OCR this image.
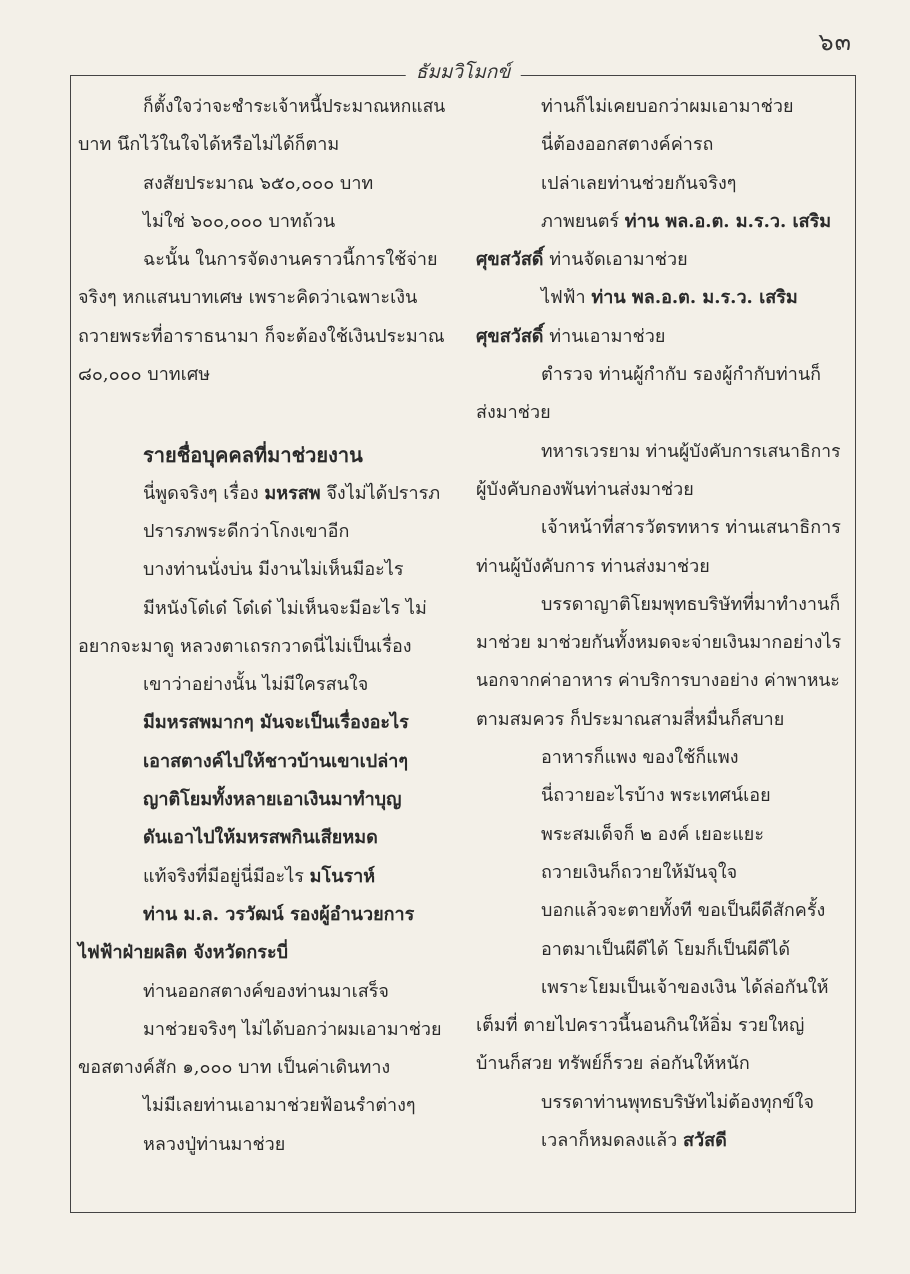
๖๓
ธัมมวิโมกข์
ก็ตั้งใจว่าจะชำระเจ้าหนี้ประมาณหกแสน
บาท นึกไว้ในใจได้หรือไม่ได้ก็ตาม
สงสัยประมาณ ๖๕๐,๐๐๐ บาท
ไม่ใช่ ๖๐๐,๐๐๐ บาทถ้วน
ฉะนั้น ในการจัดงานคราวนี้การใช้จ่าย
จริงๆ หกแสนบาทเศษ เพราะคิดว่าเฉพาะเงิน
ถวายพระที่อาราธนามา ก็จะต้องใช้เงินประมาณ
๘๐,๐๐๐ บาทเศษ
รายชื่อบุคคลที่มาช่วยงาน
นี่พูดจริงๆ เรื่อง มหรสพ จึงไม่ได้ปรารภ
ปรารภพระดีกว่าโกงเขาอีก
บางท่านนั่งบ่น มีงานไม่เห็นมีอะไร
มีหนังโด๋เด๋ โด๋เด๋ ไม่เห็นจะมีอะไร ไม่
อยากจะมาดู หลวงตาเถรกวาดนี่ไม่เป็นเรื่อง
เขาว่าอย่างนั้น ไม่มีใครสนใจ
มีมหรสพมากๆ มันจะเป็นเรื่องอะไร
เอาสตางค์ไปให้ชาวบ้านเขาเปล่าๆ
ญาติโยมทั้งหลายเอาเงินมาทำบุญ
ดันเอาไปให้มหรสพกินเสียหมด
แท้จริงที่มีอยู่นี่มีอะไร มโนราห์
ท่าน ม.ล. วรวัฒน์ รองผู้อำนวยการ
ไฟฟ้าฝ่ายผลิต จังหวัดกระบี่
ท่านออกสตางค์ของท่านมาเสร็จ
มาช่วยจริงๆ ไม่ได้บอกว่าผมเอามาช่วย
ขอสตางค์สัก ๑,๐๐๐ บาท เป็นค่าเดินทาง
ไม่มีเลยท่านเอามาช่วยฟ้อนรำต่างๆ
หลวงปู่ท่านมาช่วย
ท่านก็ไม่เคยบอกว่าผมเอามาช่วย
นี่ต้องออกสตางค์ค่ารถ
เปล่าเลยท่านช่วยกันจริงๆ
ภาพยนตร์ ท่าน พล.อ.ต. ม.ร.ว. เสริม
ศุขสวัสดิ์ ท่านจัดเอามาช่วย
ไฟฟ้า ท่าน พล.อ.ต. ม.ร.ว. เสริม
ศุขสวัสดิ์ ท่านเอามาช่วย
ตำรวจ ท่านผู้กำกับ รองผู้กำกับท่านก็
ส่งมาช่วย
ทหารเวรยาม ท่านผู้บังคับการเสนาธิการ
ผู้บังคับกองพันท่านส่งมาช่วย
เจ้าหน้าที่สารวัตรทหาร ท่านเสนาธิการ
ท่านผู้บังคับการ ท่านส่งมาช่วย
บรรดาญาติโยมพุทธบริษัทที่มาทำงานก็
มาช่วย มาช่วยกันทั้งหมดจะจ่ายเงินมากอย่างไร
นอกจากค่าอาหาร ค่าบริการบางอย่าง ค่าพาหนะ
ตามสมควร ก็ประมาณสามสี่หมื่นก็สบาย
อาหารก็แพง ของใช้ก็แพง
นี่ถวายอะไรบ้าง พระเทศน์เอย
พระสมเด็จก็ ๒ องค์ เยอะแยะ
ถวายเงินก็ถวายให้มันจุใจ
บอกแล้วจะตายทั้งที ขอเป็นผีดีสักครั้ง
อาตมาเป็นผีดีได้ โยมก็เป็นผีดีได้
เพราะโยมเป็นเจ้าของเงิน ได้ล่อกันให้
เต็มที่ ตายไปคราวนี้นอนกินให้อิ่ม รวยใหญ่
บ้านก็สวย ทรัพย์ก็รวย ล่อกันให้หนัก
บรรดาท่านพุทธบริษัทไม่ต้องทุกข์ใจ
เวลาก็หมดลงแล้ว สวัสดี
